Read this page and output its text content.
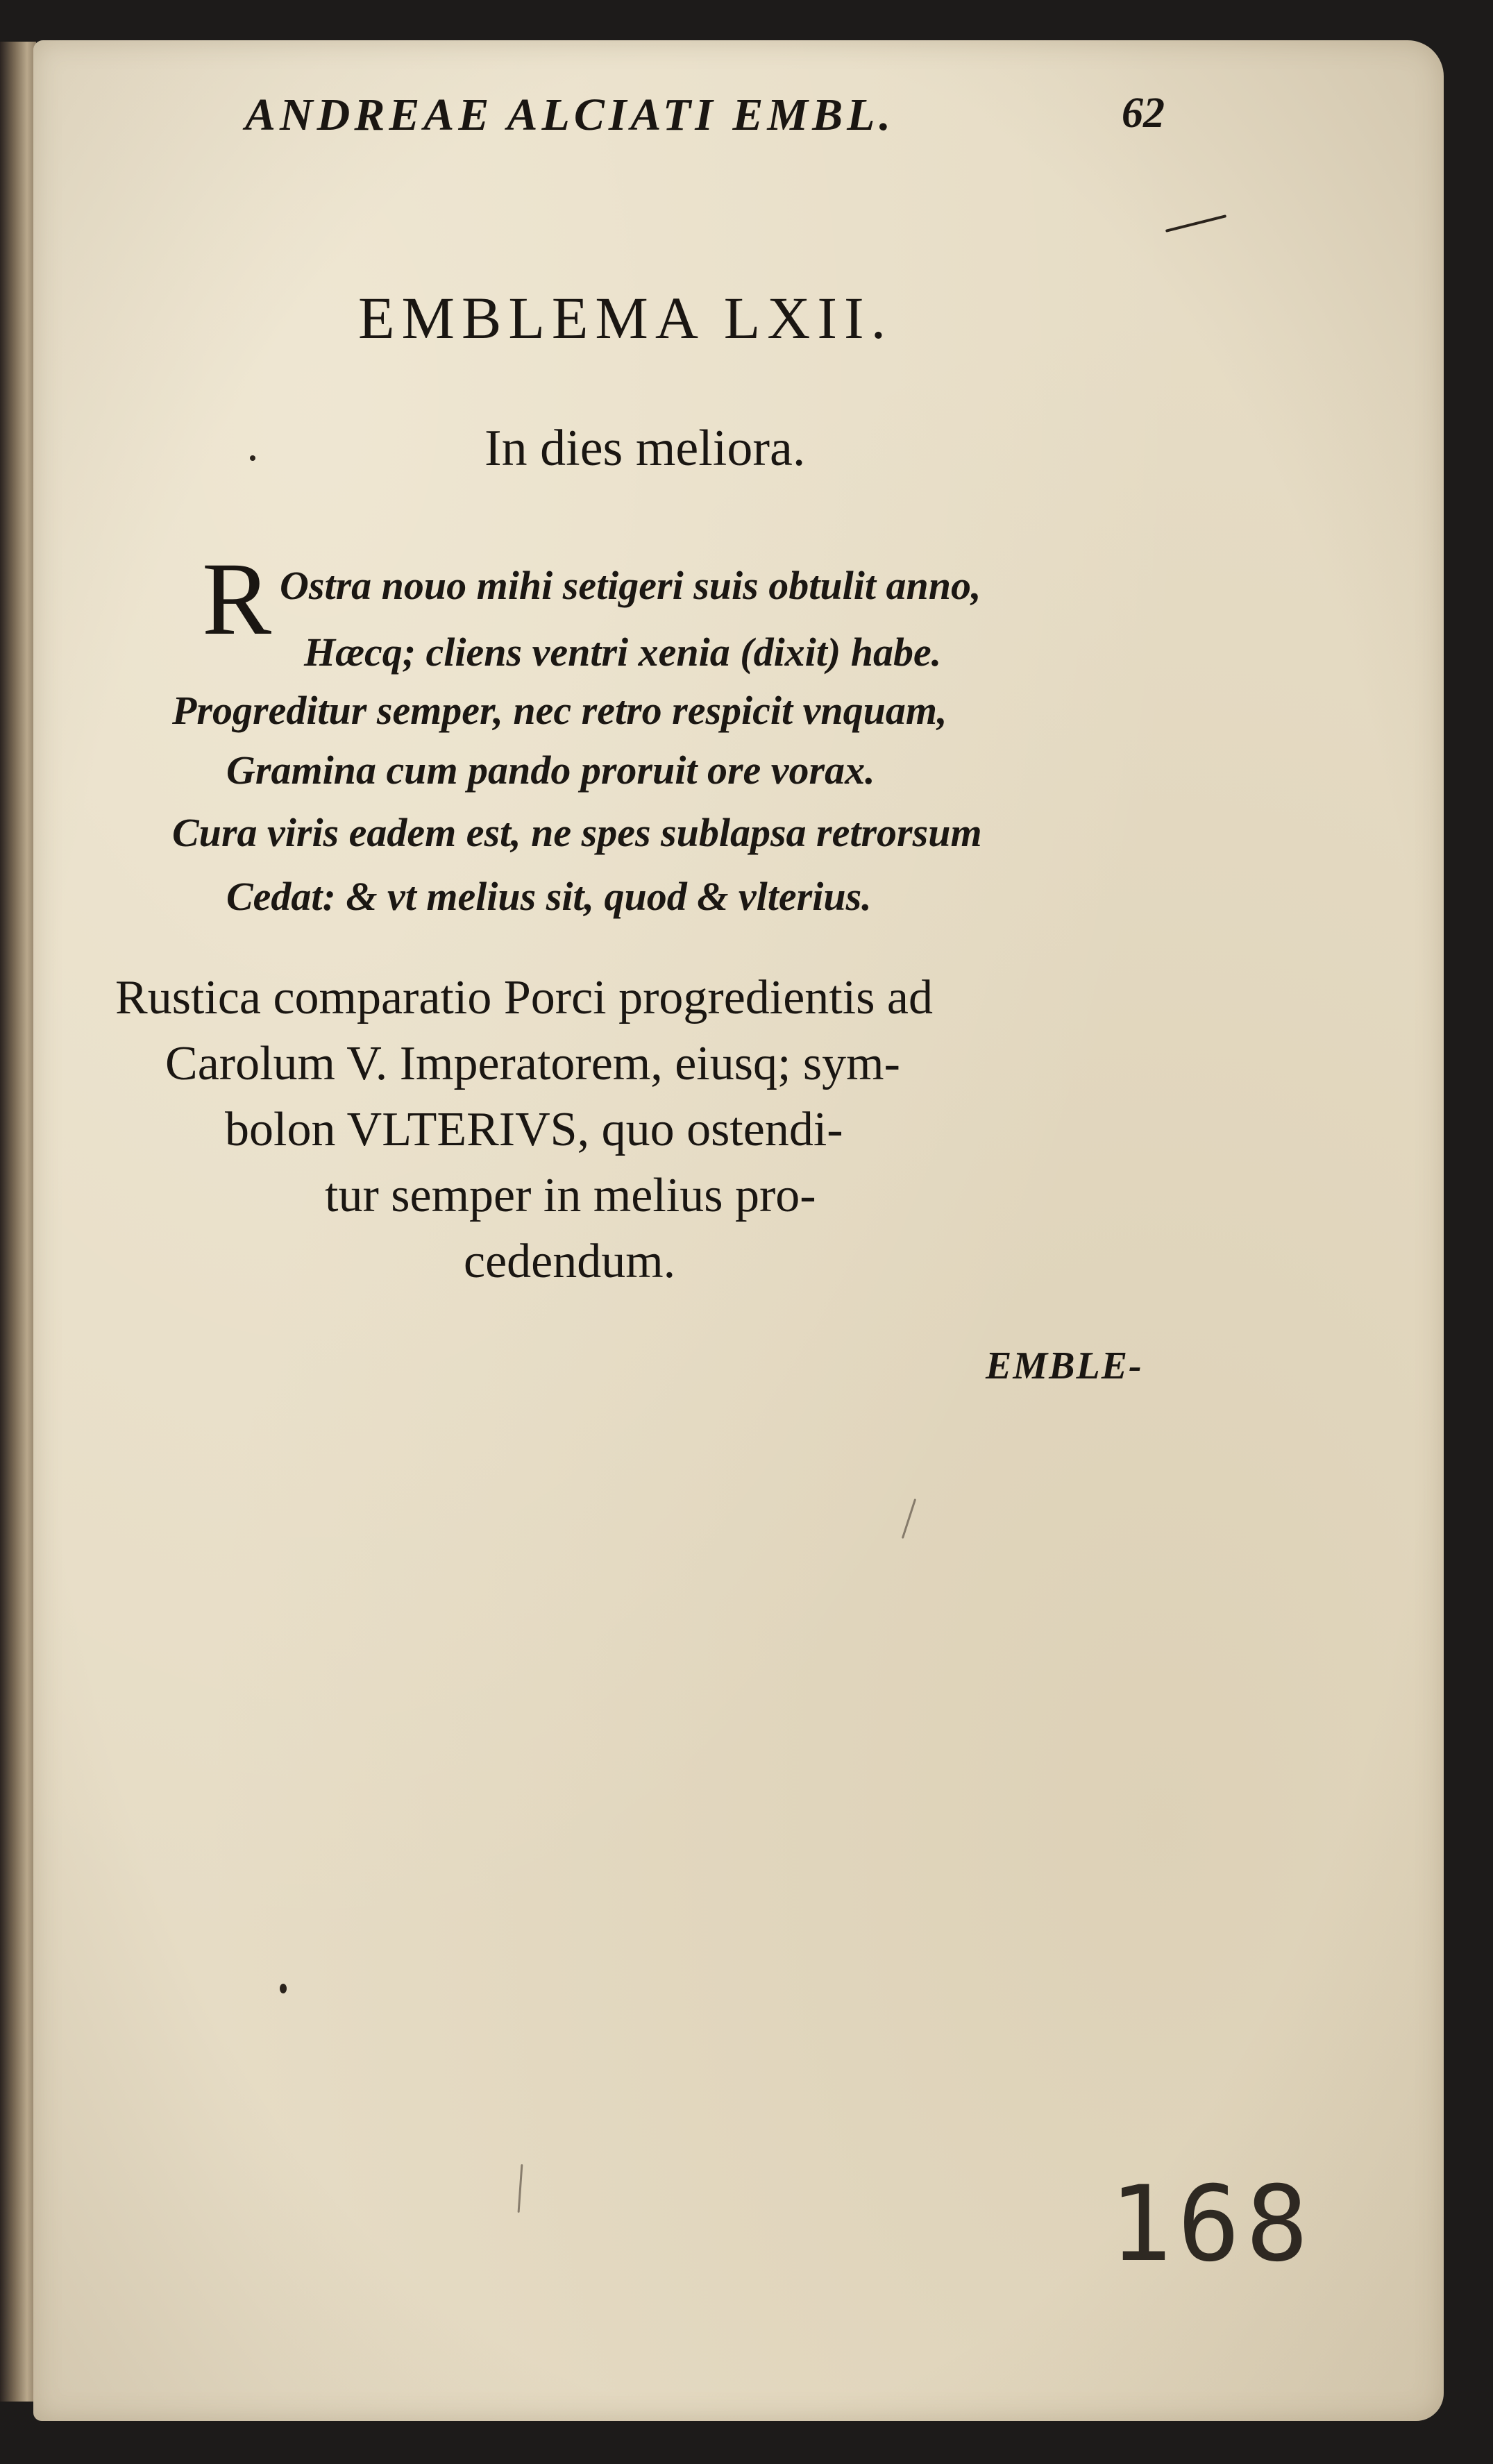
ANDREAE ALCIATI EMBL.	62
EMBLEMA LXII.
In dies meliora.
R Ostra nouo mihi setigeri suis obtulit anno,
Hæcq; cliens ventri xenia (dixit) habe.
Progreditur semper, nec retro respicit vnquam,
Gramina cum pando proruit ore vorax.
Cura viris eadem est, ne spes sublapsa retrorsum
Cedat: & vt melius sit, quod & vlterius.
Rustica comparatio Porci progredientis ad
Carolum V. Imperatorem, eiusq; sym-
bolon VLTERIVS, quo ostendi-
tur semper in melius pro-
cedendum.
EMBLE-
168
